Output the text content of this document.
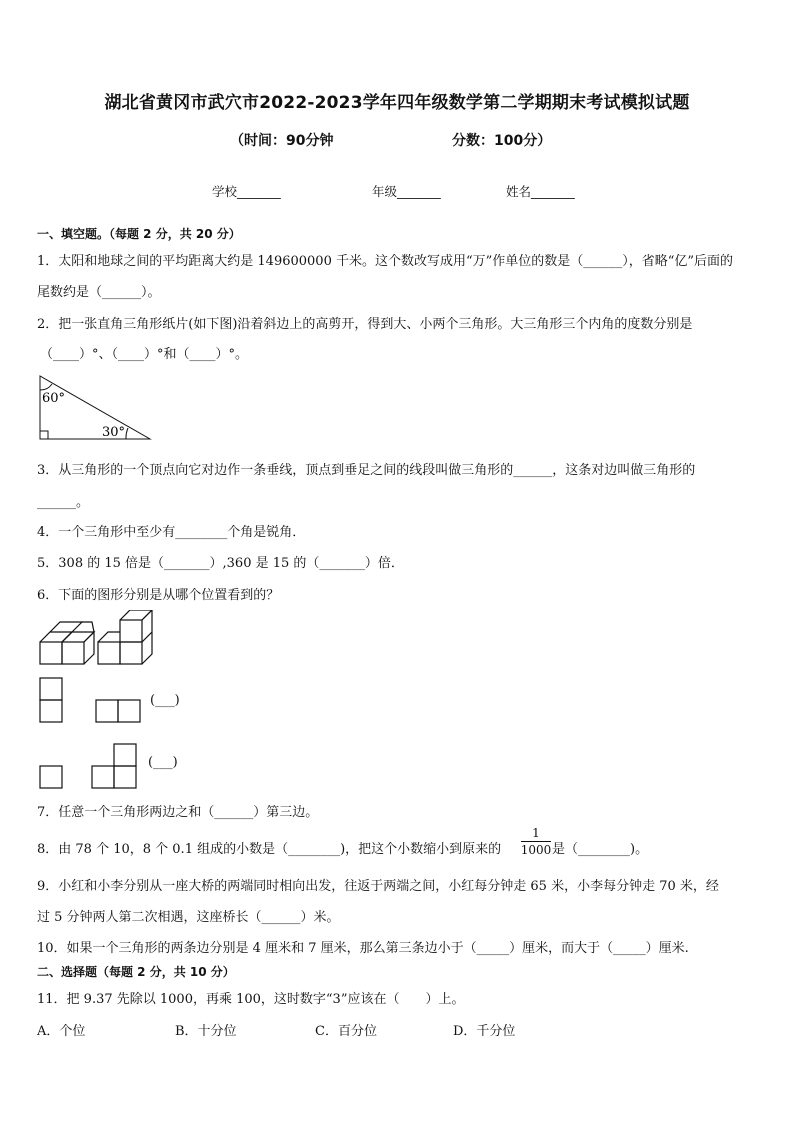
湖北省黄冈市武穴市2022-2023学年四年级数学第二学期期末考试模拟试题
（时间：90分钟	分数：100分）
学校_______	年级_______	姓名_______
一、填空题。（每题 2 分，共 20 分）
1．太阳和地球之间的平均距离大约是 149600000 千米。这个数改写成用“万”作单位的数是（______），省略“亿”后面的
尾数约是（______）。
2．把一张直角三角形纸片(如下图)沿着斜边上的高剪开，得到大、小两个三角形。大三角形三个内角的度数分别是
（____）°、（____）°和（____）°。
60°
30°
3．从三角形的一个顶点向它对边作一条垂线，顶点到垂足之间的线段叫做三角形的______，这条对边叫做三角形的
______。
4．一个三角形中至少有________个角是锐角．
5．308 的 15 倍是（_______）,360 是 15 的（_______）倍．
6．下面的图形分别是从哪个位置看到的？
(___)
(___)
7．任意一个三角形两边之和（______）第三边。
8．由 78 个 10，8 个 0.1 组成的小数是（________)，把这个小数缩小到原来的
1
1000 是（________)。
9．小红和小李分别从一座大桥的两端同时相向出发，往返于两端之间，小红每分钟走 65 米，小李每分钟走 70 米，经
过 5 分钟两人第二次相遇，这座桥长（______）米。
10．如果一个三角形的两条边分别是 4 厘米和 7 厘米，那么第三条边小于（_____）厘米，而大于（_____）厘米.
二、选择题（每题 2 分，共 10 分）
11．把 9.37 先除以 1000，再乘 100，这时数字“3”应该在（　　）上。
A．个位	B．十分位	C．百分位	D．千分位
